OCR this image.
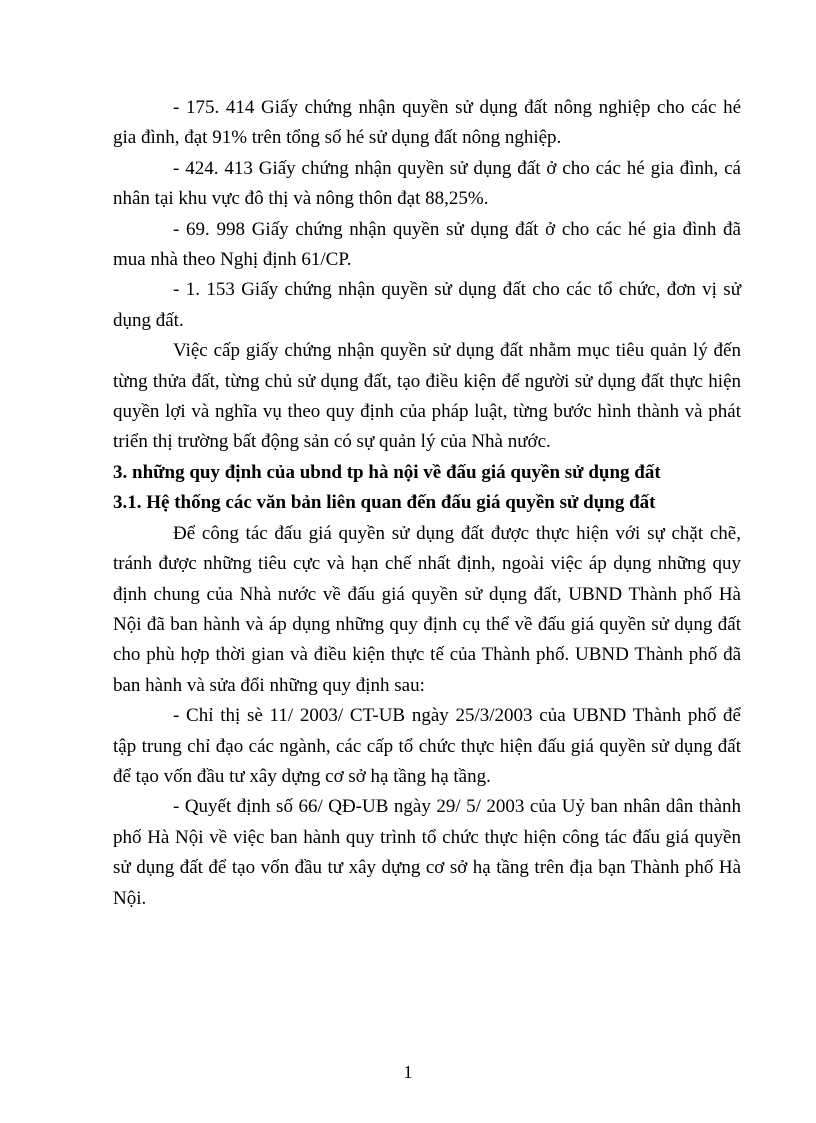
- 175. 414 Giấy chứng nhận quyền sử dụng đất nông nghiệp cho các hé gia đình, đạt 91% trên tổng số hé sử dụng đất nông nghiệp.

- 424. 413 Giấy chứng nhận quyền sử dụng đất ở cho các hé gia đình, cá nhân tại khu vực đô thị và nông thôn đạt 88,25%.

- 69. 998 Giấy chứng nhận quyền sử dụng đất ở cho các hé gia đình đã mua nhà theo Nghị định 61/CP.

- 1. 153 Giấy chứng nhận quyền sử dụng đất cho các tổ chức, đơn vị sử dụng đất.

Việc cấp giấy chứng nhận quyền sử dụng đất nhằm mục tiêu quản lý đến từng thửa đất, từng chủ sử dụng đất, tạo điều kiện để người sử dụng đất thực hiện quyền lợi và nghĩa vụ theo quy định của pháp luật, từng bước hình thành và phát triển thị trường bất động sản có sự quản lý của Nhà nước.

3. những quy định của ubnd tp hà nội về đấu giá quyền sử dụng đất

3.1. Hệ thống các văn bản liên quan đến đấu giá quyền sử dụng đất

Để công tác đấu giá quyền sử dụng đất được thực hiện với sự chặt chẽ, tránh được những tiêu cực và hạn chế nhất định, ngoài việc áp dụng những quy định chung của Nhà nước về đấu giá quyền sử dụng đất, UBND Thành phố Hà Nội đã ban hành và áp dụng những quy định cụ thể về đấu giá quyền sử dụng đất cho phù hợp thời gian và điều kiện thực tế của Thành phố. UBND Thành phố đã ban hành và sửa đổi những quy định sau:

- Chỉ thị sè 11/ 2003/ CT-UB ngày 25/3/2003 của UBND Thành phố để tập trung chỉ đạo các ngành, các cấp tổ chức thực hiện đấu giá quyền sử dụng đất để tạo vốn đầu tư xây dựng cơ sở hạ tầng hạ tầng.

- Quyết định số 66/ QĐ-UB ngày 29/ 5/ 2003 của Uỷ ban nhân dân thành phố Hà Nội về việc ban hành quy trình tổ chức thực hiện công tác đấu giá quyền sử dụng đất để tạo vốn đầu tư xây dựng cơ sở hạ tầng trên địa bạn Thành phố Hà Nội.

1
